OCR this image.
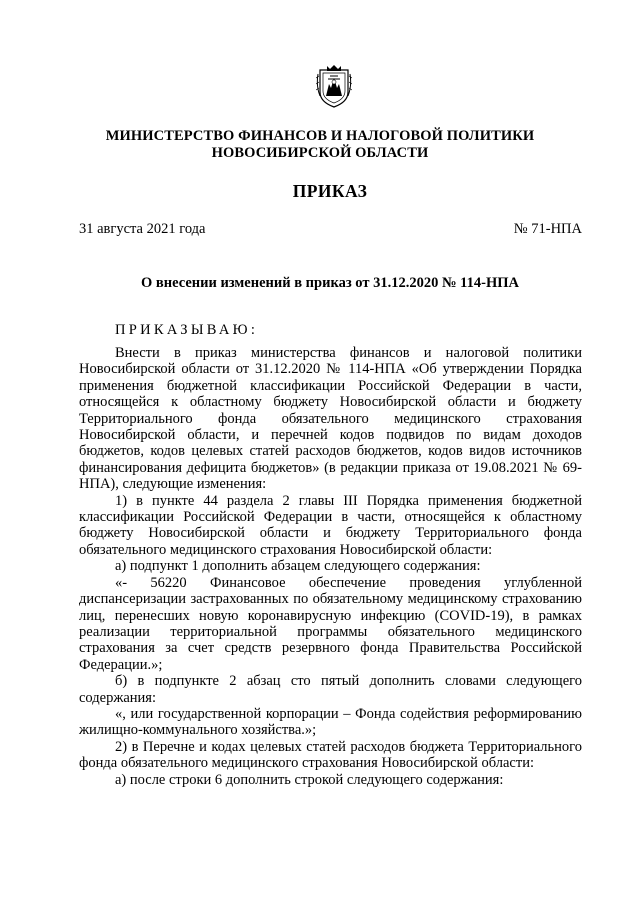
МИНИСТЕРСТВО ФИНАНСОВ И НАЛОГОВОЙ ПОЛИТИКИ
НОВОСИБИРСКОЙ ОБЛАСТИ
ПРИКАЗ
31 августа 2021 года	№ 71-НПА
О внесении изменений в приказ от 31.12.2020 № 114-НПА
ПРИКАЗЫВАЮ:

Внести в приказ министерства финансов и налоговой политики Новосибирской области от 31.12.2020 № 114-НПА «Об утверждении Порядка применения бюджетной классификации Российской Федерации в части, относящейся к областному бюджету Новосибирской области и бюджету Территориального фонда обязательного медицинского страхования Новосибирской области, и перечней кодов подвидов по видам доходов бюджетов, кодов целевых статей расходов бюджетов, кодов видов источников финансирования дефицита бюджетов» (в редакции приказа от 19.08.2021 № 69-НПА), следующие изменения:

1) в пункте 44 раздела 2 главы III Порядка применения бюджетной классификации Российской Федерации в части, относящейся к областному бюджету Новосибирской области и бюджету Территориального фонда обязательного медицинского страхования Новосибирской области:

а) подпункт 1 дополнить абзацем следующего содержания:

«- 56220 Финансовое обеспечение проведения углубленной диспансеризации застрахованных по обязательному медицинскому страхованию лиц, перенесших новую коронавирусную инфекцию (COVID-19), в рамках реализации территориальной программы обязательного медицинского страхования за счет средств резервного фонда Правительства Российской Федерации.»;

б) в подпункте 2 абзац сто пятый дополнить словами следующего содержания:

«, или государственной корпорации – Фонда содействия реформированию жилищно-коммунального хозяйства.»;

2) в Перечне и кодах целевых статей расходов бюджета Территориального фонда обязательного медицинского страхования Новосибирской области:

а) после строки 6 дополнить строкой следующего содержания:
